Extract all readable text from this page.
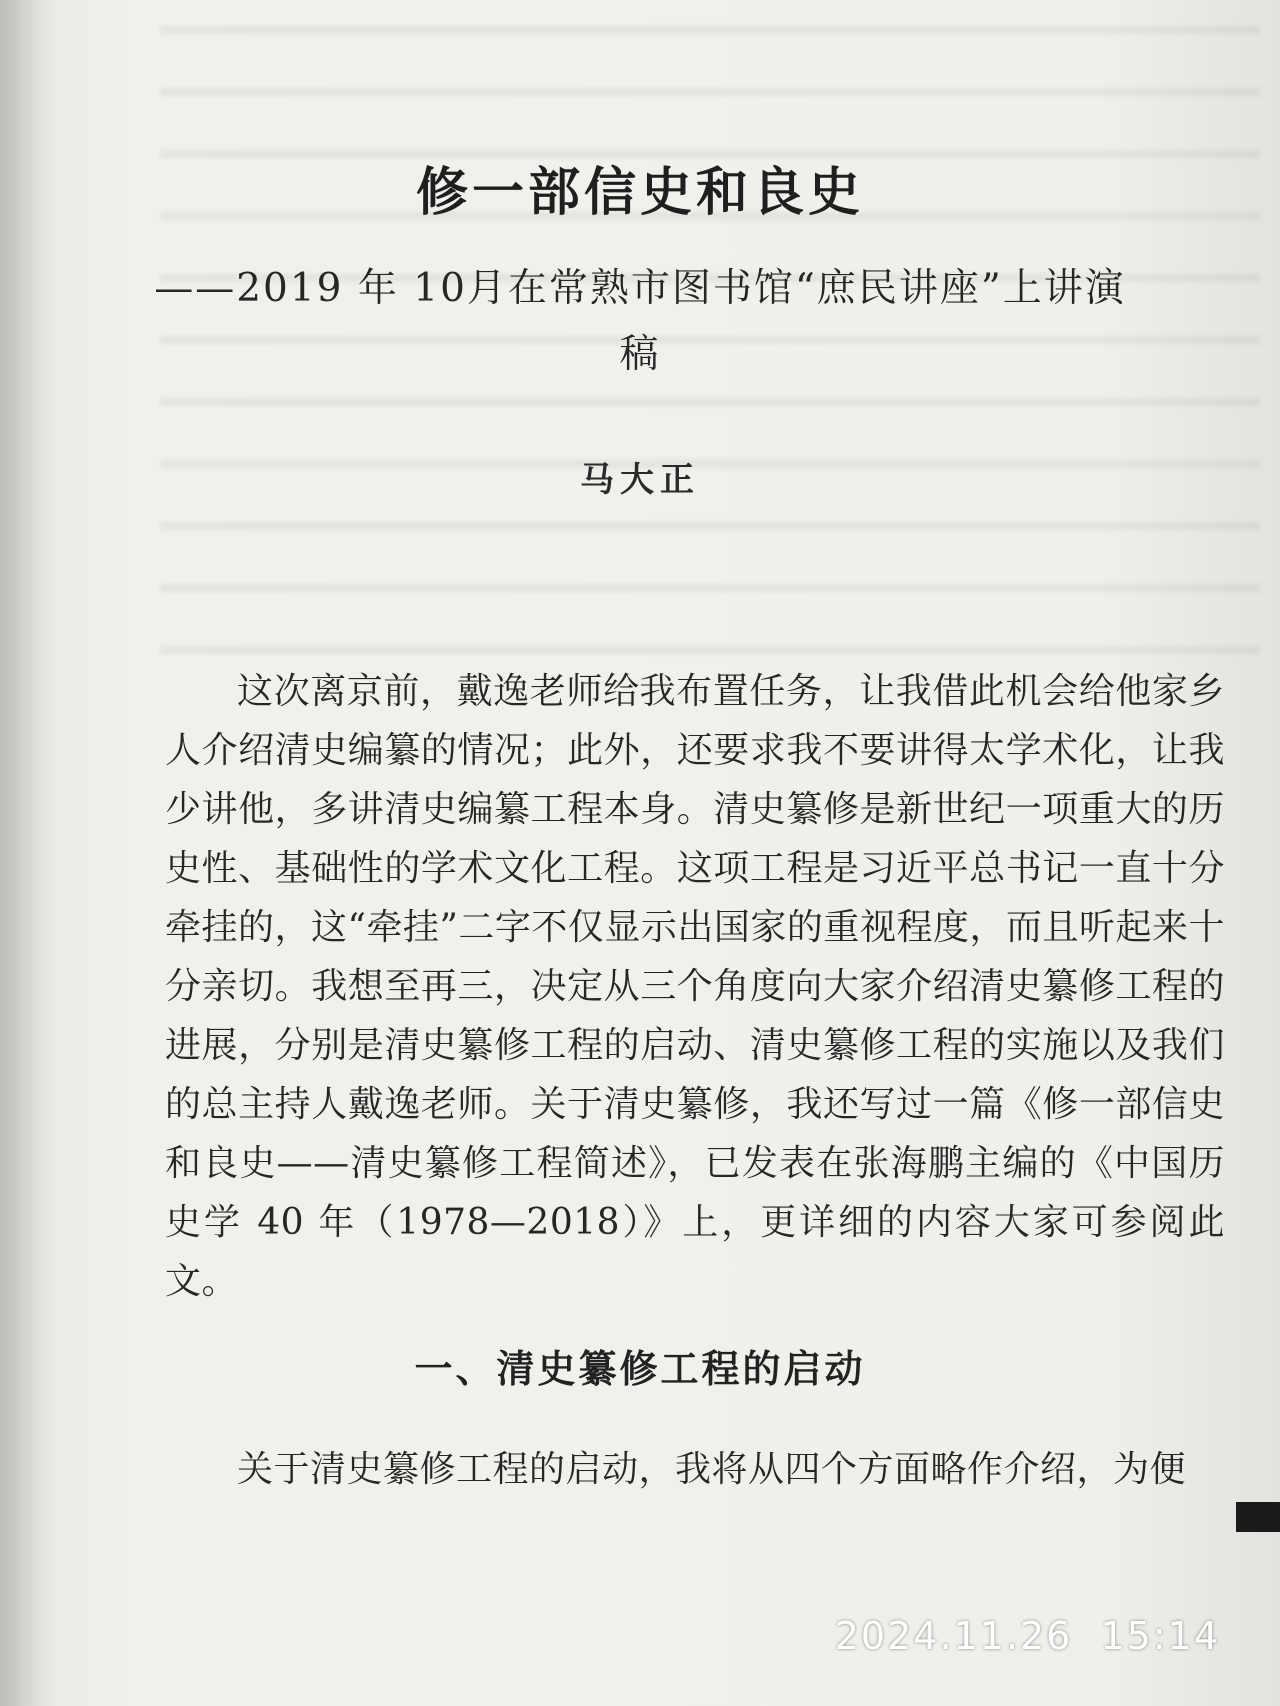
修一部信史和良史
——2019 年 10月在常熟市图书馆“庶民讲座”上讲演稿
马大正

这次离京前，戴逸老师给我布置任务，让我借此机会给他家乡人介绍清史编纂的情况；此外，还要求我不要讲得太学术化，让我少讲他，多讲清史编纂工程本身。清史纂修是新世纪一项重大的历史性、基础性的学术文化工程。这项工程是习近平总书记一直十分牵挂的，这“牵挂”二字不仅显示出国家的重视程度，而且听起来十分亲切。我想至再三，决定从三个角度向大家介绍清史纂修工程的进展，分别是清史纂修工程的启动、清史纂修工程的实施以及我们的总主持人戴逸老师。关于清史纂修，我还写过一篇《修一部信史和良史——清史纂修工程简述》，已发表在张海鹏主编的《中国历史学 40 年（1978—2018）》上，更详细的内容大家可参阅此文。

一、清史纂修工程的启动

关于清史纂修工程的启动，我将从四个方面略作介绍，为便

2024.11.26  15:14
